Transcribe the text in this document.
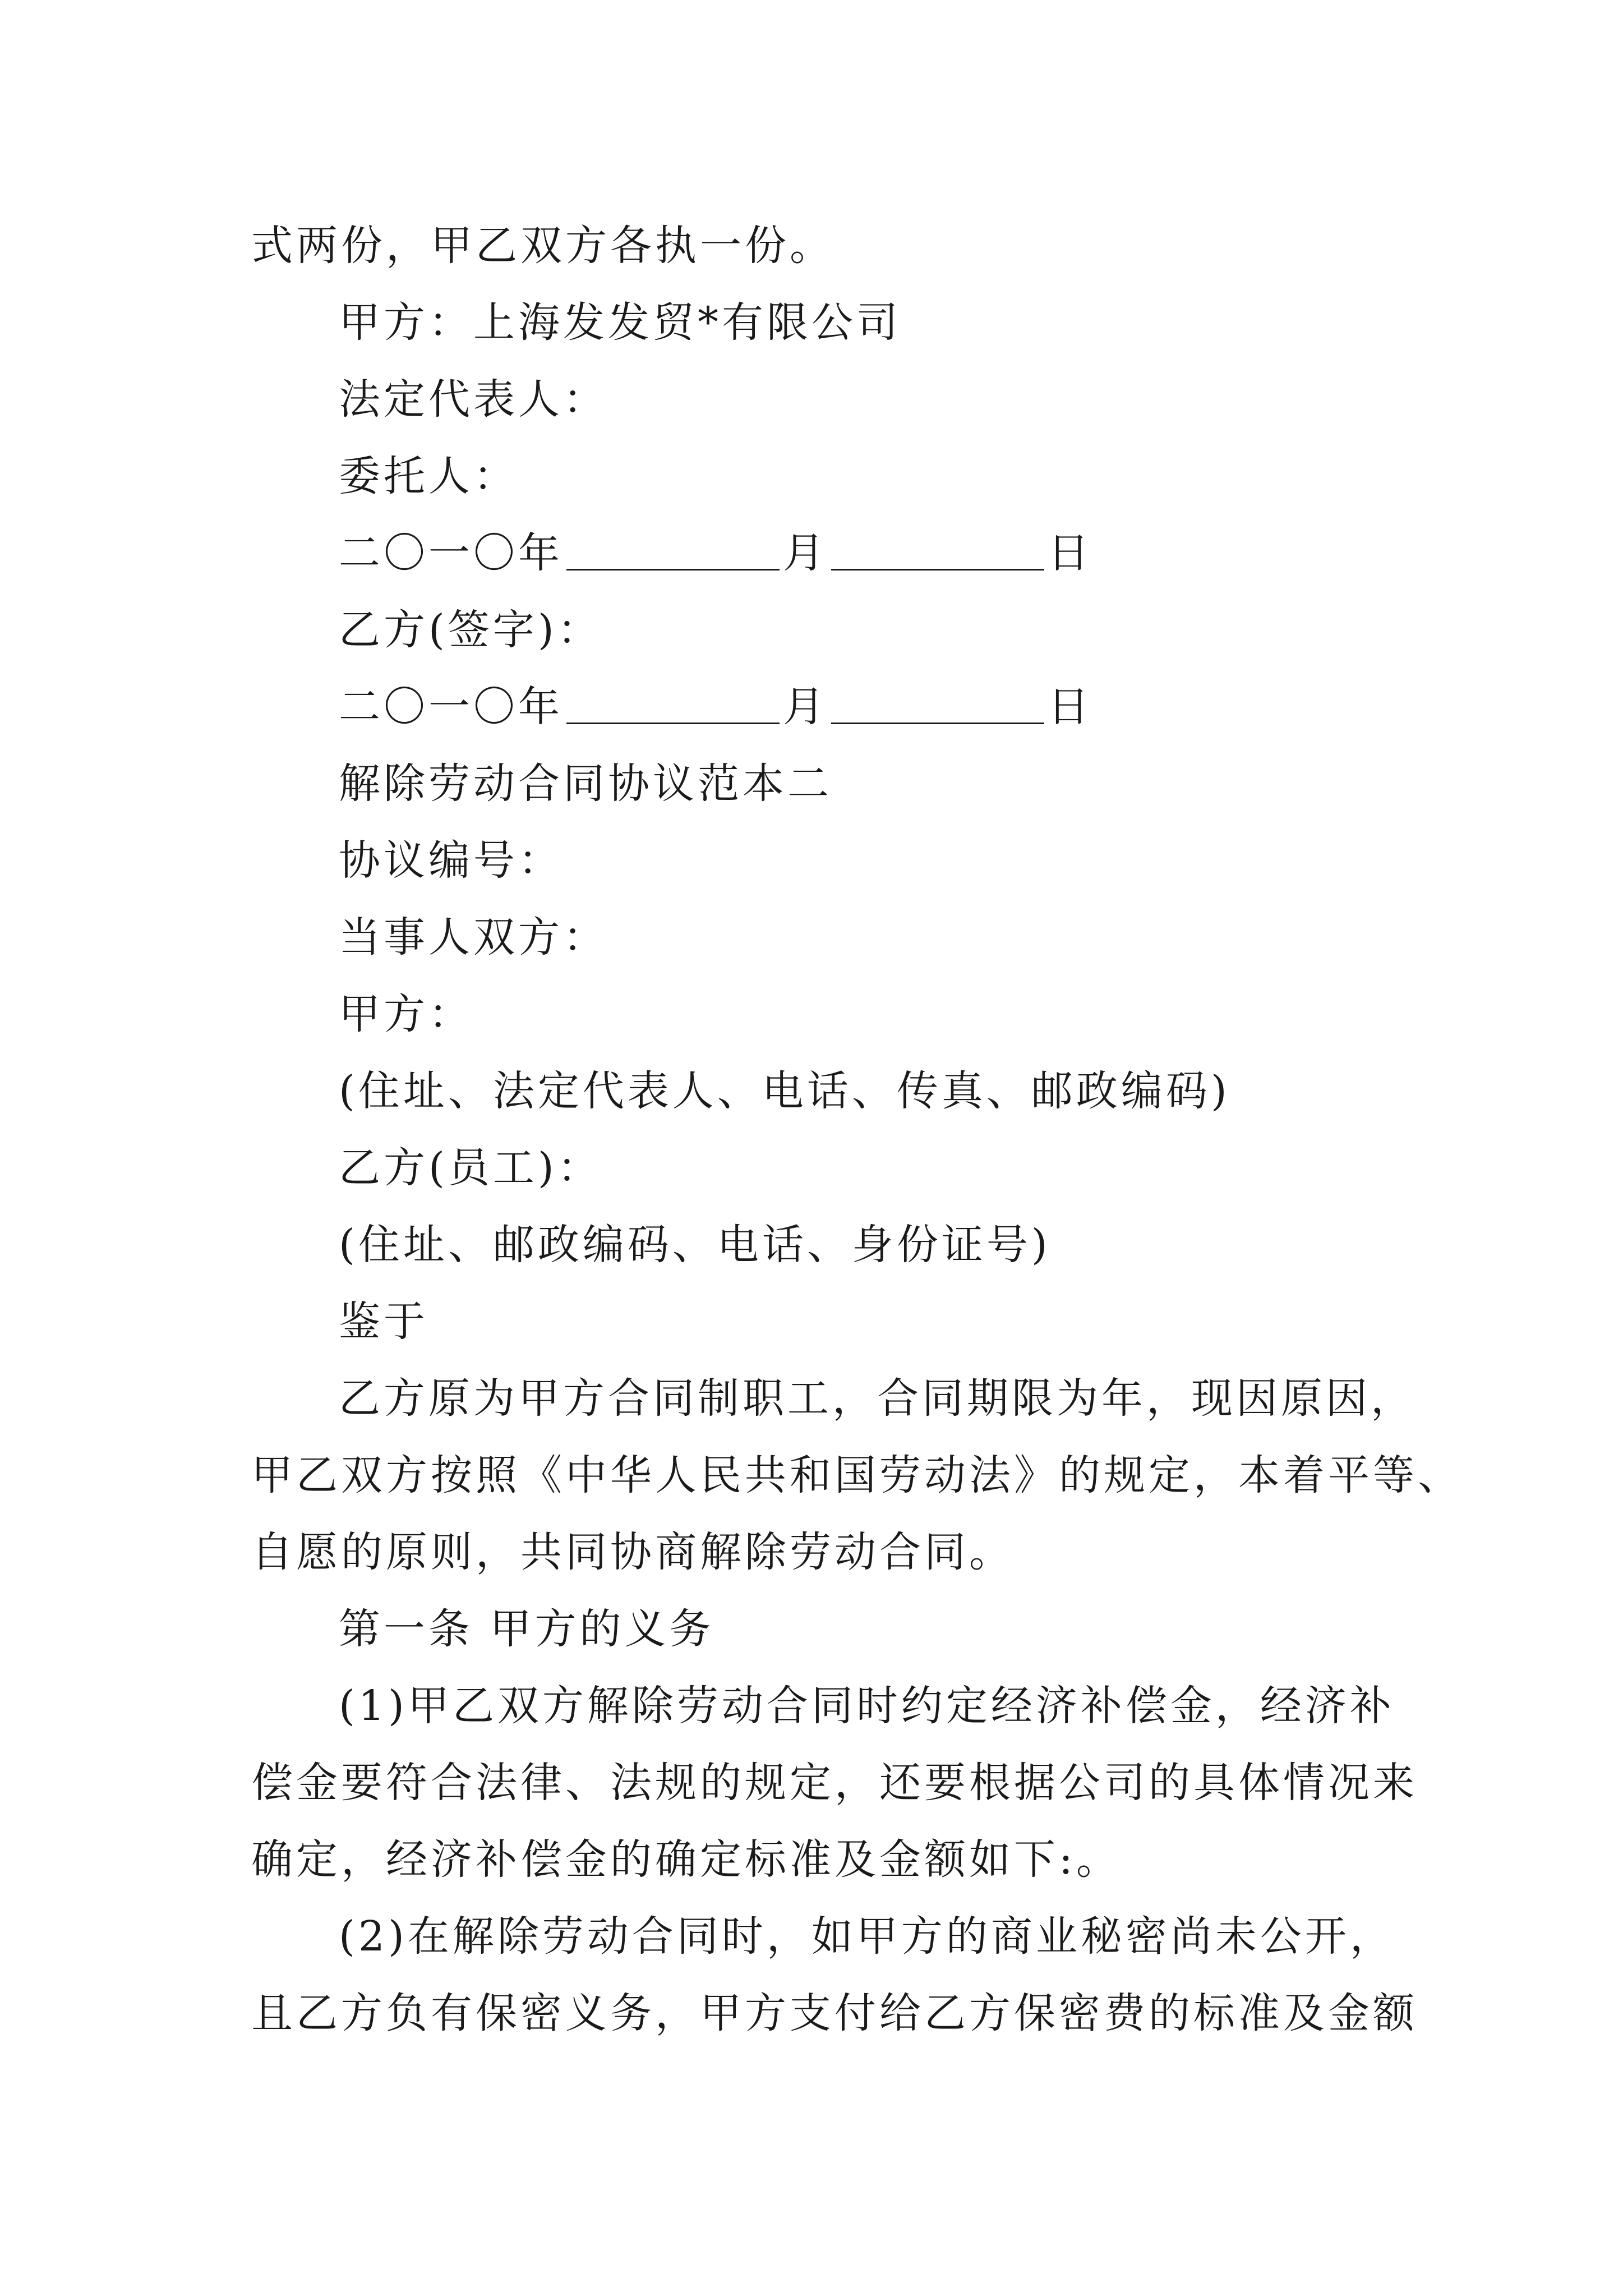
式两份，甲乙双方各执一份。
甲方：上海发发贸*有限公司
法定代表人：
委托人：
二〇一〇年	月	日
乙方(签字)：
二〇一〇年	月	日
解除劳动合同协议范本二
协议编号：
当事人双方：
甲方：
(住址、法定代表人、电话、传真、邮政编码)
乙方(员工)：
(住址、邮政编码、电话、身份证号)
鉴于
乙方原为甲方合同制职工，合同期限为年，现因原因，
甲乙双方按照《中华人民共和国劳动法》的规定，本着平等、
自愿的原则，共同协商解除劳动合同。
第一条 甲方的义务
(1)甲乙双方解除劳动合同时约定经济补偿金，经济补
偿金要符合法律、法规的规定，还要根据公司的具体情况来
确定，经济补偿金的确定标准及金额如下:。
(2)在解除劳动合同时，如甲方的商业秘密尚未公开，
且乙方负有保密义务，甲方支付给乙方保密费的标准及金额
